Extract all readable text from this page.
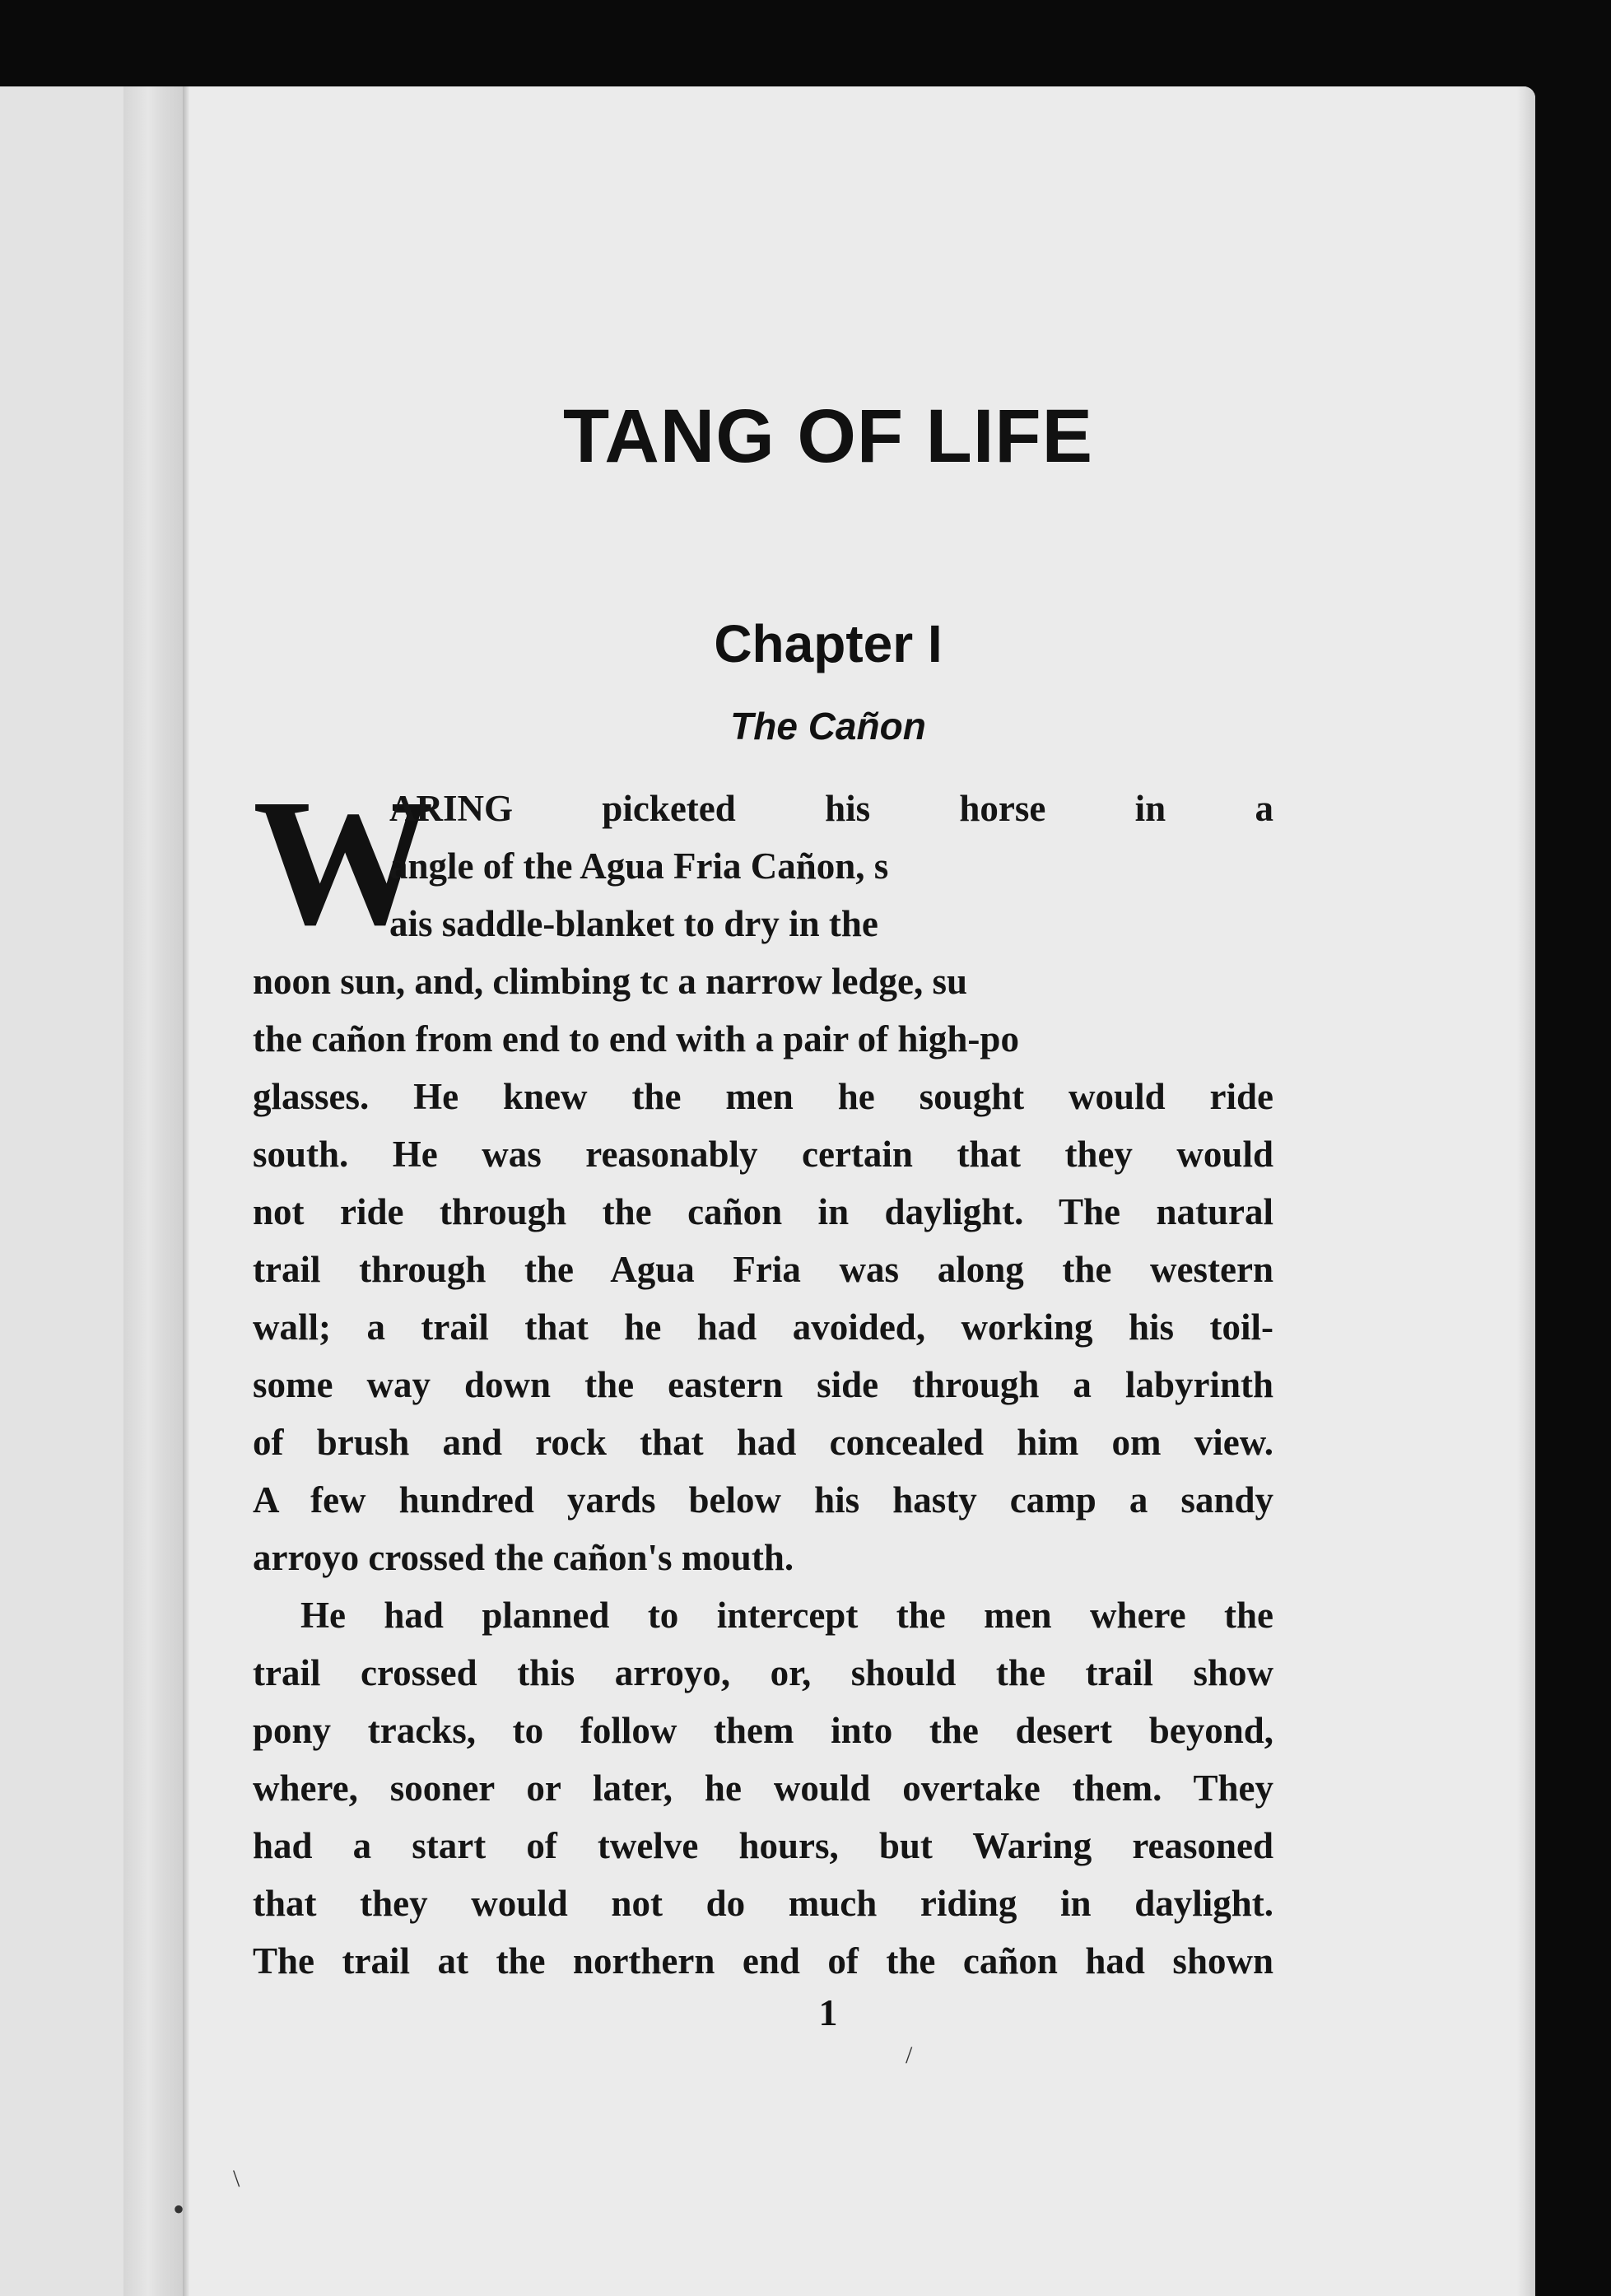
TANG OF LIFE
Chapter I
The Cañon
W
ARING picketed his horse in a
angle of the Agua Fria Cañon, s
ais saddle-blanket to dry in the
noon sun, and, climbing tc a narrow ledge, su
the cañon from end to end with a pair of high-po
glasses. He knew the men he sought would ride
south. He was reasonably certain that they would
not ride through the cañon in daylight. The natural
trail through the Agua Fria was along the western
wall; a trail that he had avoided, working his toil-
some way down the eastern side through a labyrinth
of brush and rock that had concealed him om view.
A few hundred yards below his hasty camp a sandy
arroyo crossed the cañon's mouth.
He had planned to intercept the men where the
trail crossed this arroyo, or, should the trail show
pony tracks, to follow them into the desert beyond,
where, sooner or later, he would overtake them. They
had a start of twelve hours, but Waring reasoned
that they would not do much riding in daylight.
The trail at the northern end of the cañon had shown
1
/
\
•
